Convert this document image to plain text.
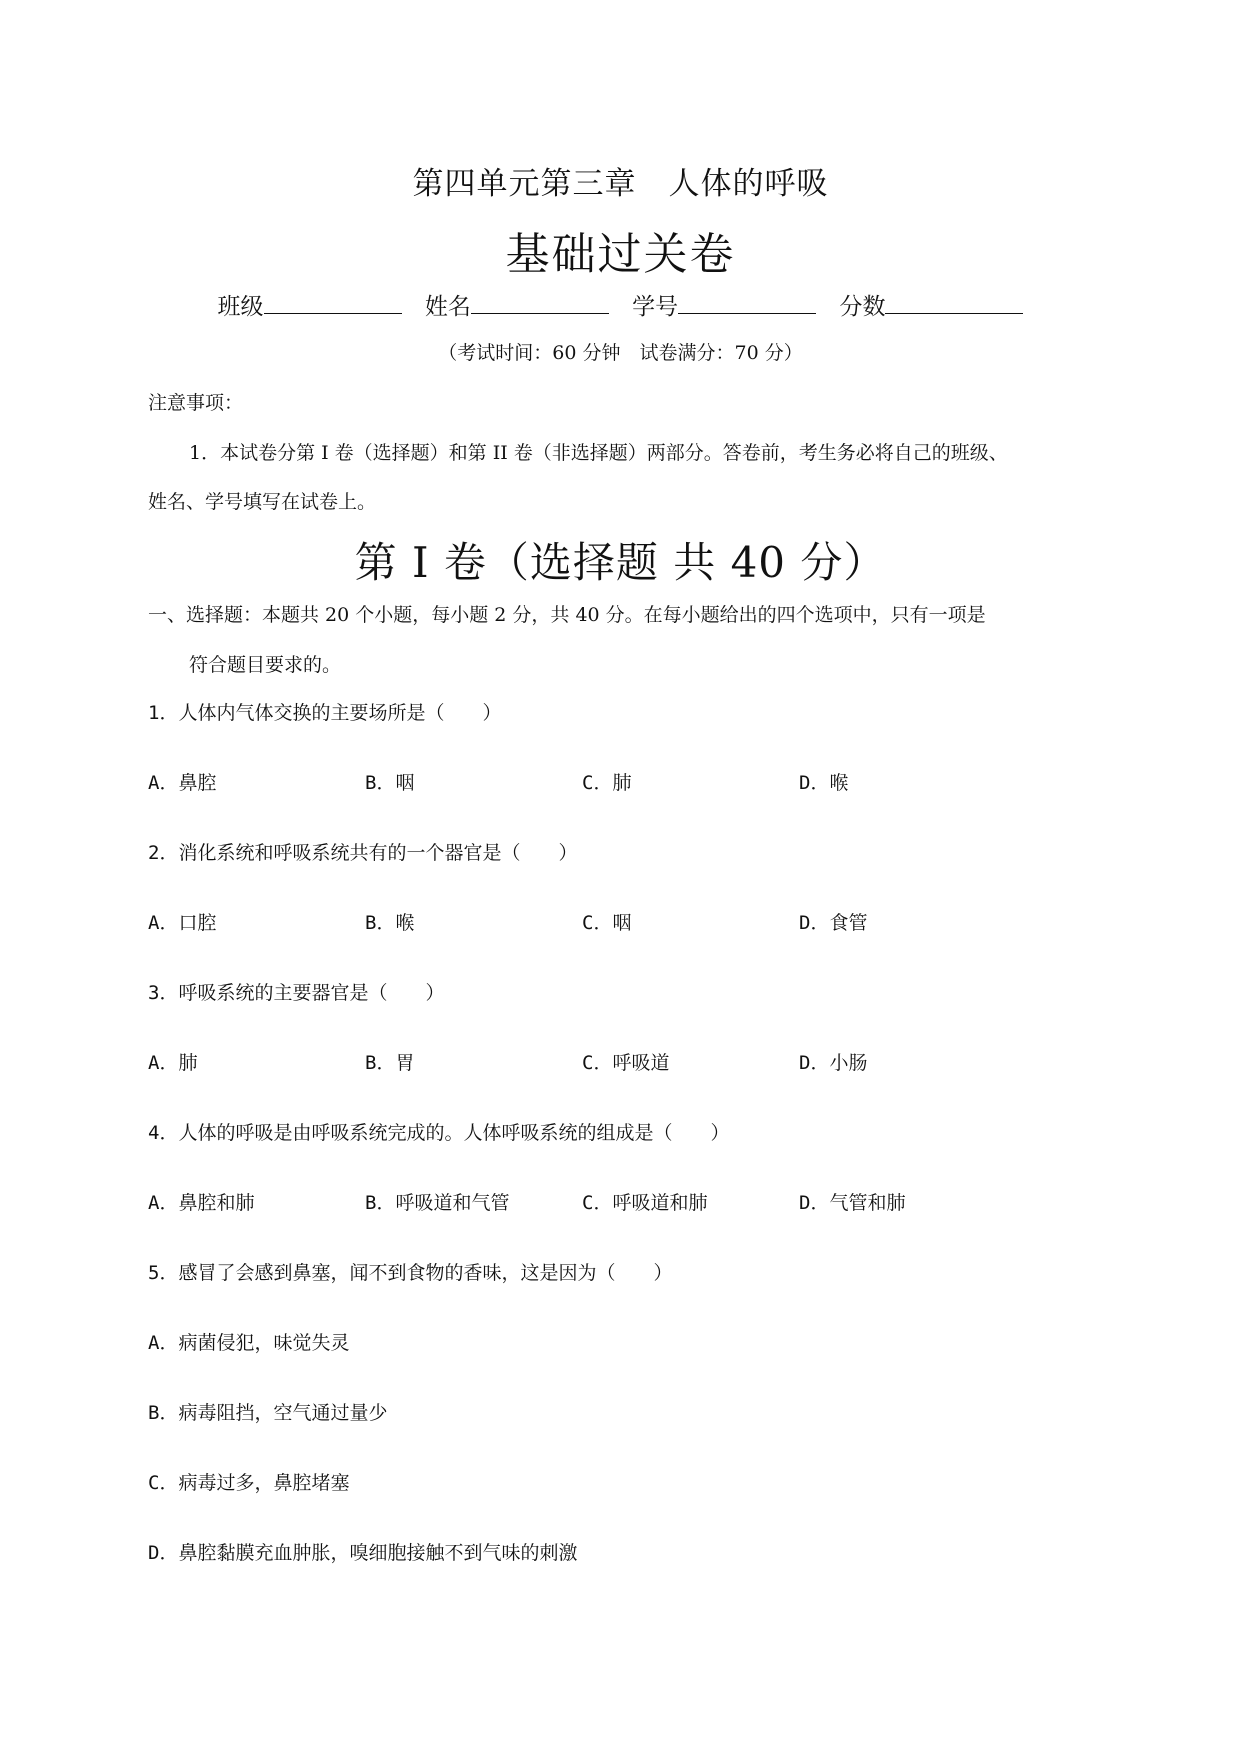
第四单元第三章　人体的呼吸
基础过关卷
班级	姓名	学号	分数
（考试时间：60 分钟　试卷满分：70 分）
注意事项：
1．本试卷分第 I 卷（选择题）和第 II 卷（非选择题）两部分。答卷前，考生务必将自己的班级、
姓名、学号填写在试卷上。
第 I 卷（选择题 共 40 分）
一、选择题：本题共 20 个小题，每小题 2 分，共 40 分。在每小题给出的四个选项中，只有一项是
符合题目要求的。
1．人体内气体交换的主要场所是（　　）
A．鼻腔	B．咽	C．肺	D．喉
2．消化系统和呼吸系统共有的一个器官是（　　）
A．口腔	B．喉	C．咽	D．食管
3．呼吸系统的主要器官是（　　）
A．肺	B．胃	C．呼吸道	D．小肠
4．人体的呼吸是由呼吸系统完成的。人体呼吸系统的组成是（　　）
A．鼻腔和肺	B．呼吸道和气管	C．呼吸道和肺	D．气管和肺
5．感冒了会感到鼻塞，闻不到食物的香味，这是因为（　　）
A．病菌侵犯，味觉失灵
B．病毒阻挡，空气通过量少
C．病毒过多，鼻腔堵塞
D．鼻腔黏膜充血肿胀，嗅细胞接触不到气味的刺激
